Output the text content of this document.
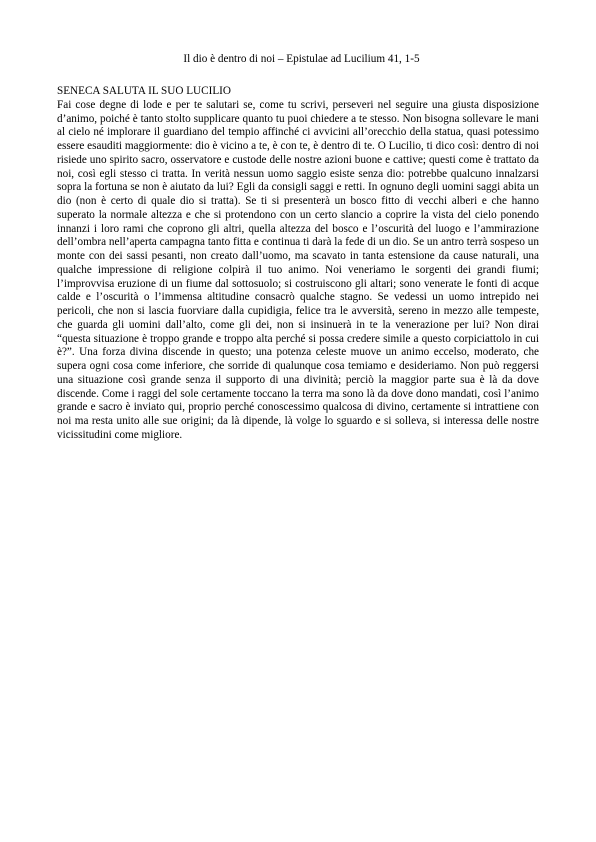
Il dio è dentro di noi – Epistulae ad Lucilium 41, 1-5
SENECA SALUTA IL SUO LUCILIO

Fai cose degne di lode e per te salutari se, come tu scrivi, perseveri nel seguire una giusta disposizione d’animo, poiché è tanto stolto supplicare quanto tu puoi chiedere a te stesso. Non bisogna sollevare le mani al cielo né implorare il guardiano del tempio affinché ci avvicini all’orecchio della statua, quasi potessimo essere esauditi maggiormente: dio è vicino a te, è con te, è dentro di te. O Lucilio, ti dico così: dentro di noi risiede uno spirito sacro, osservatore e custode delle nostre azioni buone e cattive; questi come è trattato da noi, così egli stesso ci tratta. In verità nessun uomo saggio esiste senza dio: potrebbe qualcuno innalzarsi sopra la fortuna se non è aiutato da lui? Egli da consigli saggi e retti. In ognuno degli uomini saggi abita un dio (non è certo di quale dio si tratta). Se ti si presenterà un bosco fitto di vecchi alberi e che hanno superato la normale altezza e che si protendono con un certo slancio a coprire la vista del cielo ponendo innanzi i loro rami che coprono gli altri, quella altezza del bosco e l’oscurità del luogo e l’ammirazione dell’ombra nell’aperta campagna tanto fitta e continua ti darà la fede di un dio. Se un antro terrà sospeso un monte con dei sassi pesanti, non creato dall’uomo, ma scavato in tanta estensione da cause naturali, una qualche impressione di religione colpirà il tuo animo. Noi veneriamo le sorgenti dei grandi fiumi; l’improvvisa eruzione di un fiume dal sottosuolo; si costruiscono gli altari; sono venerate le fonti di acque calde e l’oscurità o l’immensa altitudine consacrò qualche stagno. Se vedessi un uomo intrepido nei pericoli, che non si lascia fuorviare dalla cupidigia, felice tra le avversità, sereno in mezzo alle tempeste, che guarda gli uomini dall’alto, come gli dei, non si insinuerà in te la venerazione per lui? Non dirai “questa situazione è troppo grande e troppo alta perché si possa credere simile a questo corpiciattolo in cui è?”. Una forza divina discende in questo; una potenza celeste muove un animo eccelso, moderato, che supera ogni cosa come inferiore, che sorride di qualunque cosa temiamo e desideriamo. Non può reggersi una situazione così grande senza il supporto di una divinità; perciò la maggior parte sua è là da dove discende. Come i raggi del sole certamente toccano la terra ma sono là da dove dono mandati, così l’animo grande e sacro è inviato qui, proprio perché conoscessimo qualcosa di divino, certamente si intrattiene con noi ma resta unito alle sue origini; da là dipende, là volge lo sguardo e si solleva, si interessa delle nostre vicissitudini come migliore.
